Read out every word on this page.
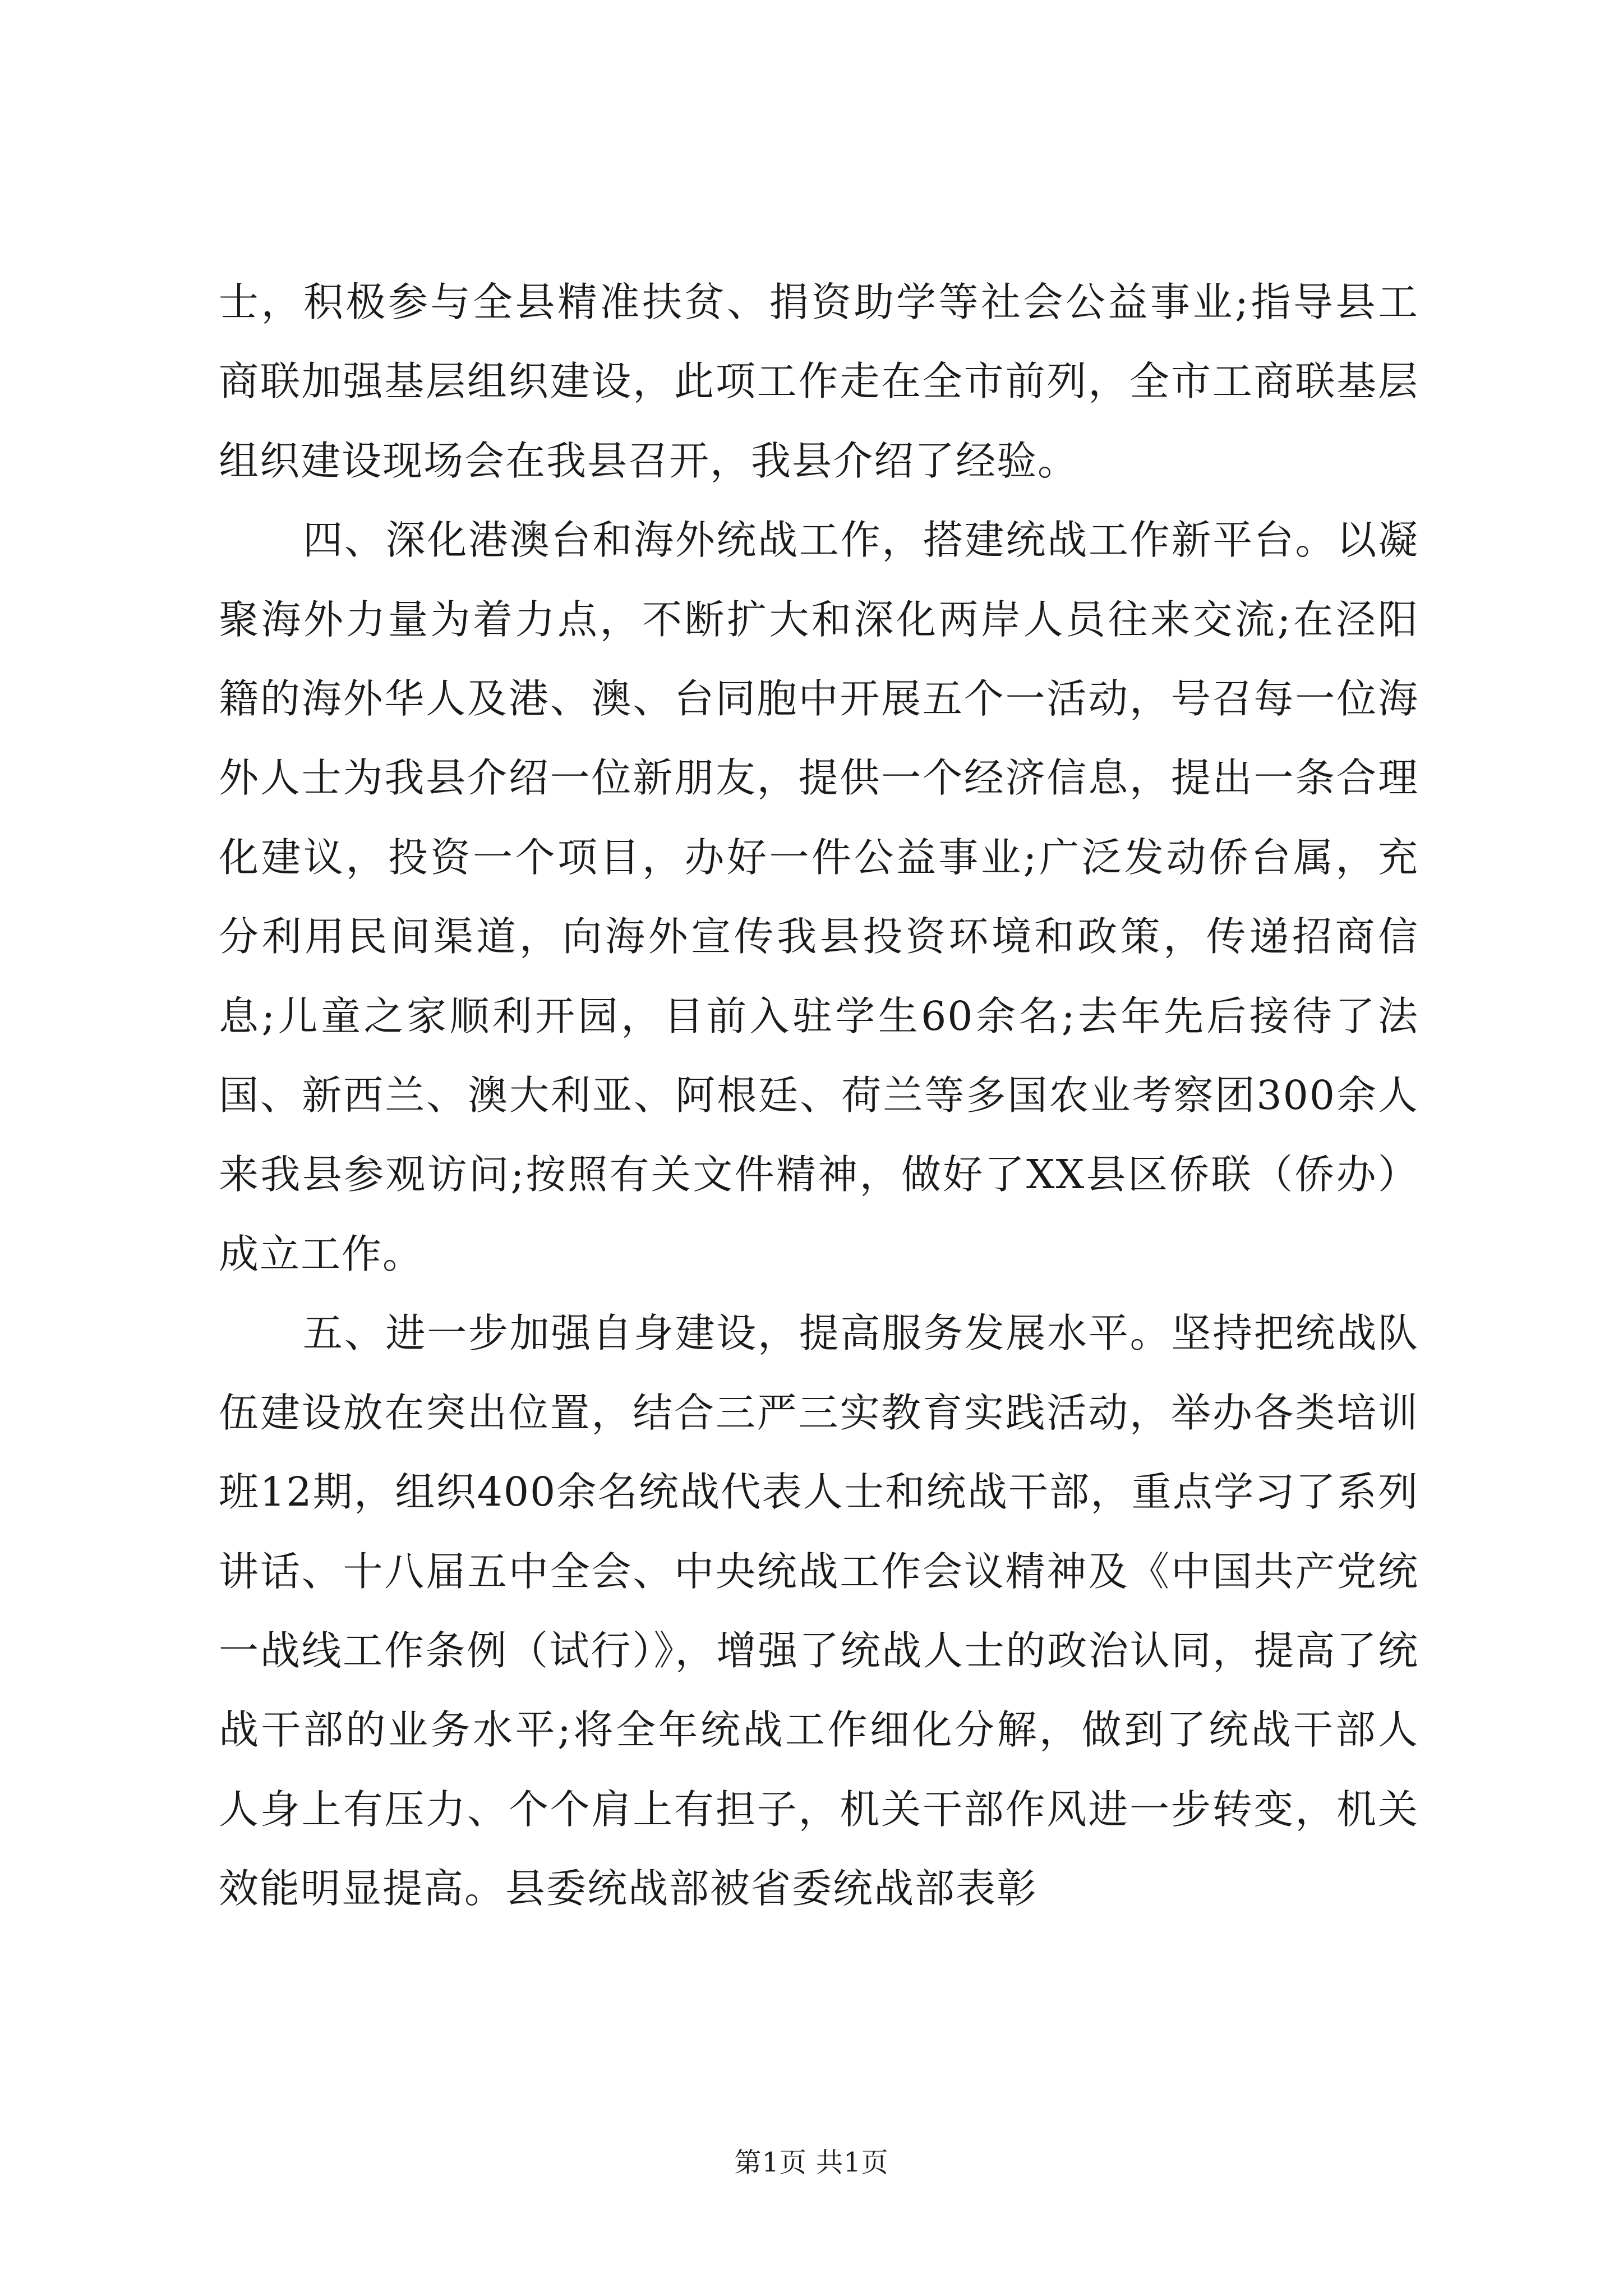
士，积极参与全县精准扶贫、捐资助学等社会公益事业;指导县工商联加强基层组织建设，此项工作走在全市前列，全市工商联基层组织建设现场会在我县召开，我县介绍了经验。

四、深化港澳台和海外统战工作，搭建统战工作新平台。以凝聚海外力量为着力点，不断扩大和深化两岸人员往来交流;在泾阳籍的海外华人及港、澳、台同胞中开展五个一活动，号召每一位海外人士为我县介绍一位新朋友，提供一个经济信息，提出一条合理化建议，投资一个项目，办好一件公益事业;广泛发动侨台属，充分利用民间渠道，向海外宣传我县投资环境和政策，传递招商信息;儿童之家顺利开园，目前入驻学生60余名;去年先后接待了法国、新西兰、澳大利亚、阿根廷、荷兰等多国农业考察团300余人来我县参观访问;按照有关文件精神，做好了XX县区侨联（侨办）成立工作。

五、进一步加强自身建设，提高服务发展水平。坚持把统战队伍建设放在突出位置，结合三严三实教育实践活动，举办各类培训班12期，组织400余名统战代表人士和统战干部，重点学习了系列讲话、十八届五中全会、中央统战工作会议精神及《中国共产党统一战线工作条例（试行）》，增强了统战人士的政治认同，提高了统战干部的业务水平;将全年统战工作细化分解，做到了统战干部人人身上有压力、个个肩上有担子，机关干部作风进一步转变，机关效能明显提高。县委统战部被省委统战部表彰

第1页 共1页
